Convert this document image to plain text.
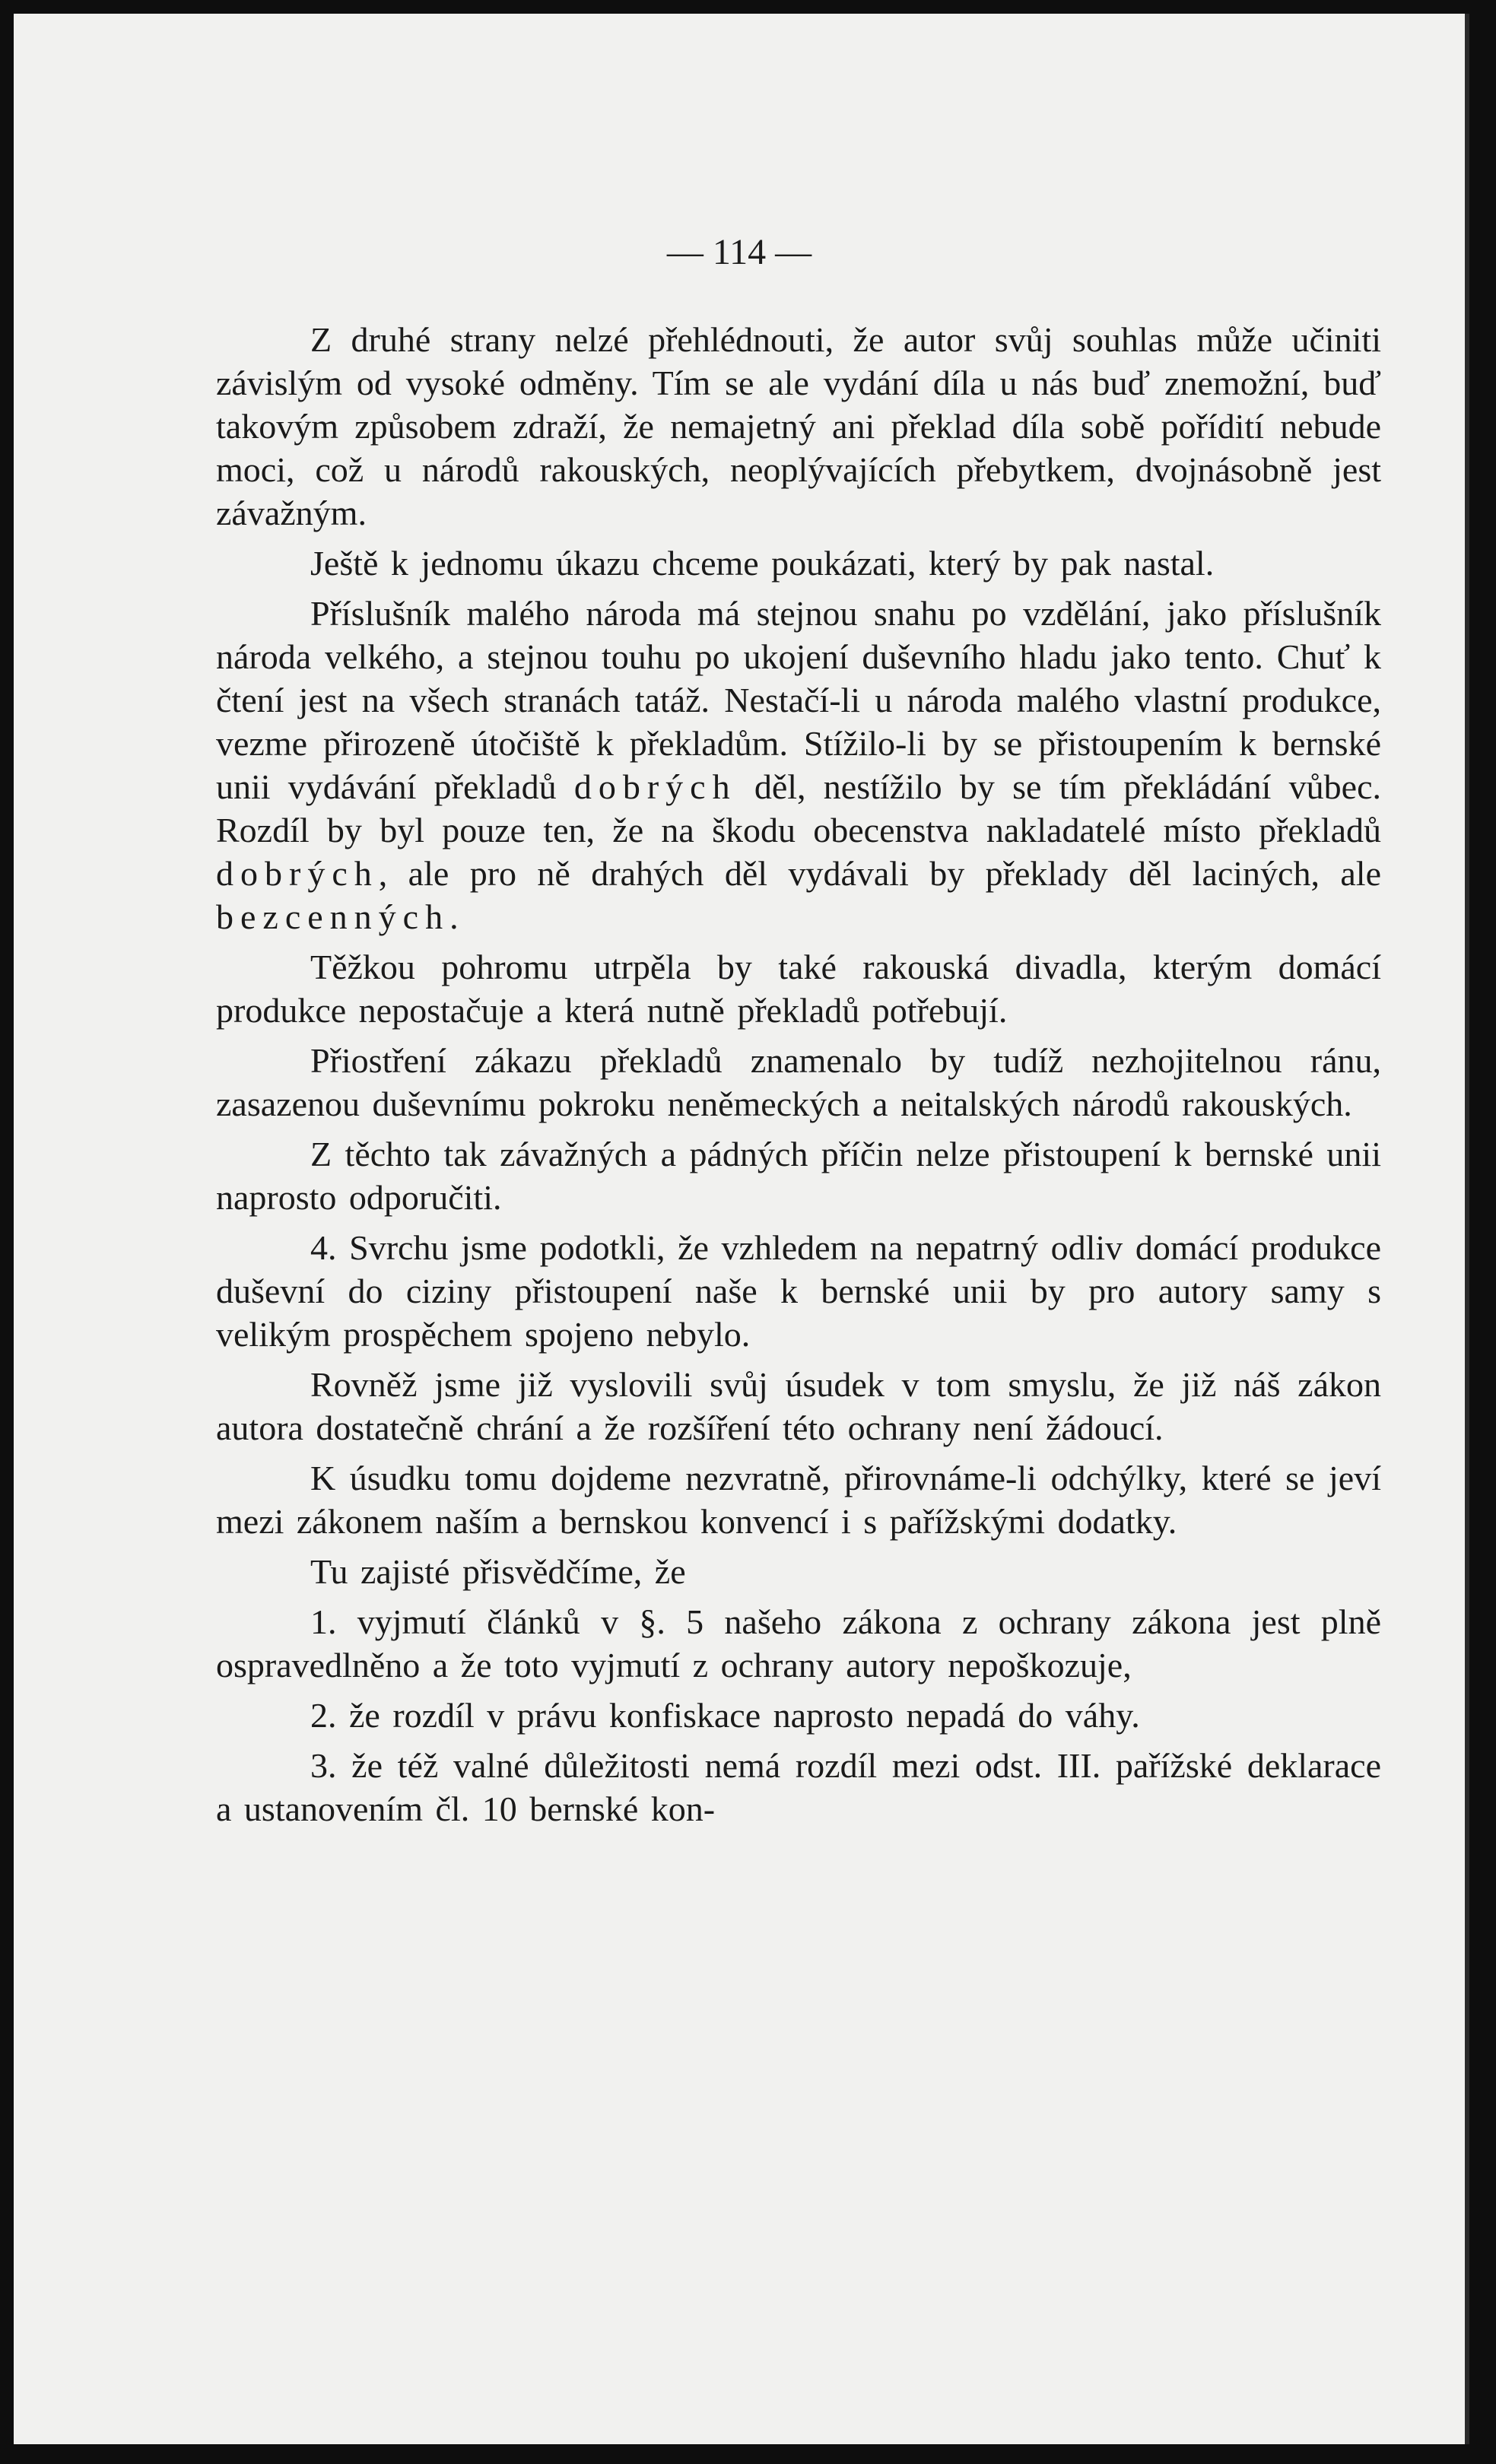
— 114 —

Z druhé strany nelzé přehlédnouti, že autor svůj souhlas může učiniti závislým od vysoké odměny. Tím se ale vydání díla u nás buď znemožní, buď takovým způsobem zdraží, že nemajetný ani překlad díla sobě pořídití nebude moci, což u národů rakouských, neoplývajících přebytkem, dvojnásobně jest závažným.

Ještě k jednomu úkazu chceme poukázati, který by pak nastal.

Příslušník malého národa má stejnou snahu po vzdělání, jako příslušník národa velkého, a stejnou touhu po ukojení duševního hladu jako tento. Chuť k čtení jest na všech stranách tatáž. Nestačí-li u národa malého vlastní produkce, vezme přirozeně útočiště k překladům. Stížilo-li by se přistoupením k bernské unii vydávání překladů dobrých děl, nestížilo by se tím překládání vůbec. Rozdíl by byl pouze ten, že na škodu obecenstva nakladatelé místo překladů dobrých, ale pro ně drahých děl vydávali by překlady děl laciných, ale bezcenných.

Těžkou pohromu utrpěla by také rakouská divadla, kterým domácí produkce nepostačuje a která nutně překladů potřebují.

Přiostření zákazu překladů znamenalo by tudíž nezhojitelnou ránu, zasazenou duševnímu pokroku neněmeckých a neitalských národů rakouských.

Z těchto tak závažných a pádných příčin nelze přistoupení k bernské unii naprosto odporučiti.

4. Svrchu jsme podotkli, že vzhledem na nepatrný odliv domácí produkce duševní do ciziny přistoupení naše k bernské unii by pro autory samy s velikým prospěchem spojeno nebylo.

Rovněž jsme již vyslovili svůj úsudek v tom smyslu, že již náš zákon autora dostatečně chrání a že rozšíření této ochrany není žádoucí.

K úsudku tomu dojdeme nezvratně, přirovnáme-li odchýlky, které se jeví mezi zákonem naším a bernskou konvencí i s pařížskými dodatky.

Tu zajisté přisvědčíme, že

1. vyjmutí článků v §. 5 našeho zákona z ochrany zákona jest plně ospravedlněno a že toto vyjmutí z ochrany autory nepoškozuje,

2. že rozdíl v právu konfiskace naprosto nepadá do váhy.

3. že též valné důležitosti nemá rozdíl mezi odst. III. pařížské deklarace a ustanovením čl. 10 bernské kon-
